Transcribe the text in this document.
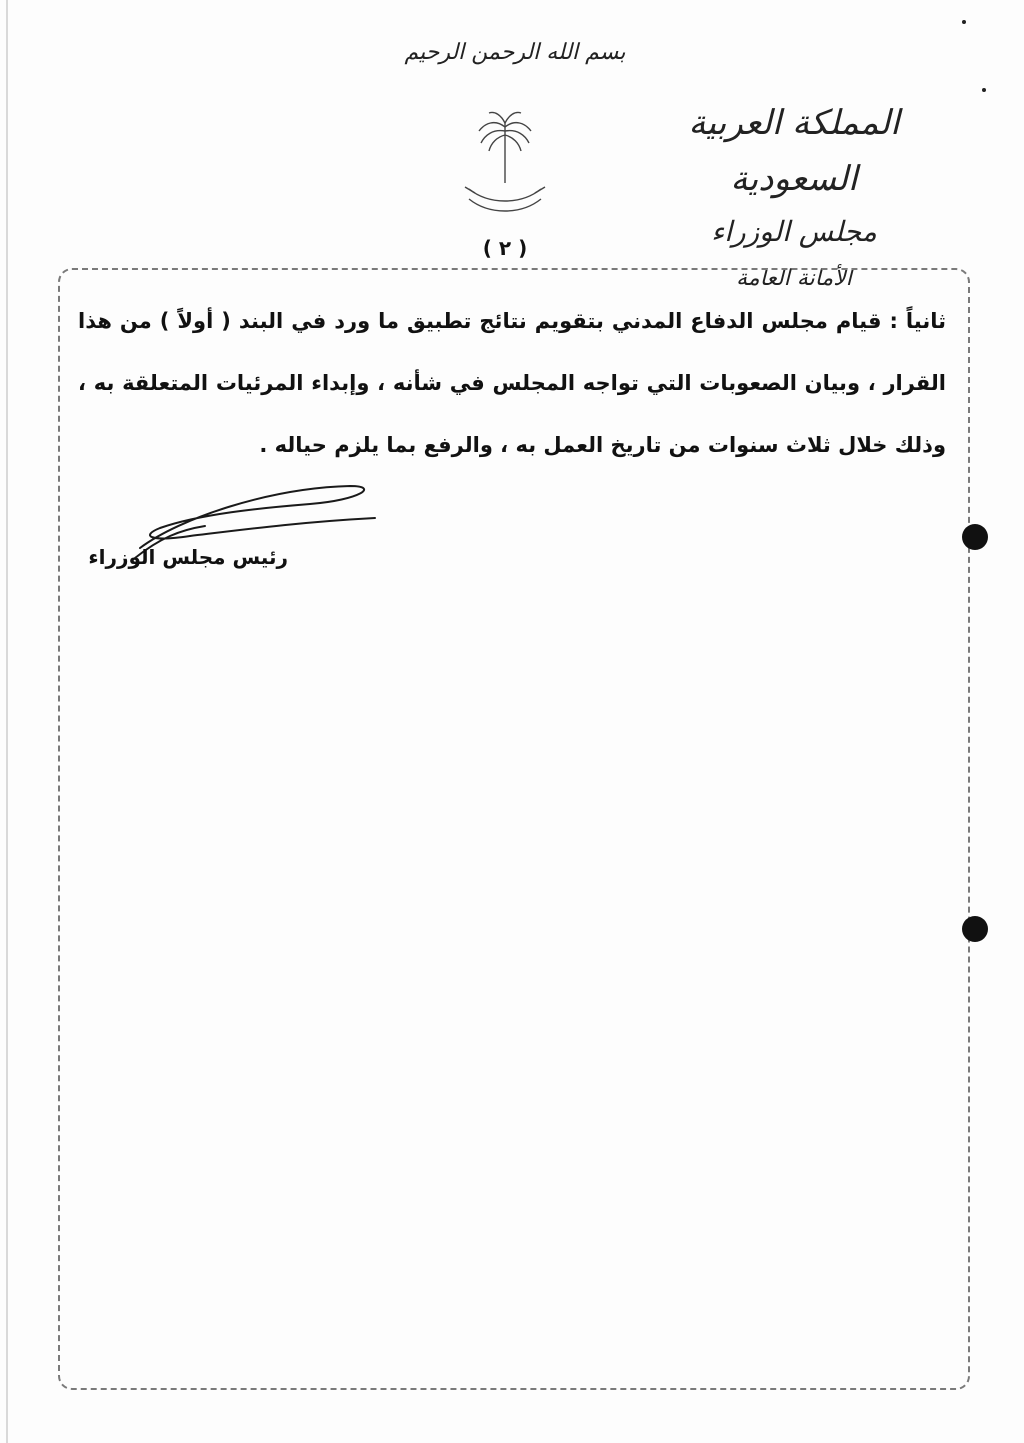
بسم الله الرحمن الرحيم
المملكة العربية السعودية
مجلس الوزراء
الأمانة العامة
( ٢ )
ثانياً : قيام مجلس الدفاع المدني بتقويم نتائج تطبيق ما ورد في البند ( أولاً ) من هذا القرار ، وبيان الصعوبات التي تواجه المجلس في شأنه ، وإبداء المرئيات المتعلقة به ، وذلك خلال ثلاث سنوات من تاريخ العمل به ، والرفع بما يلزم حياله .
رئيس مجلس الوزراء
